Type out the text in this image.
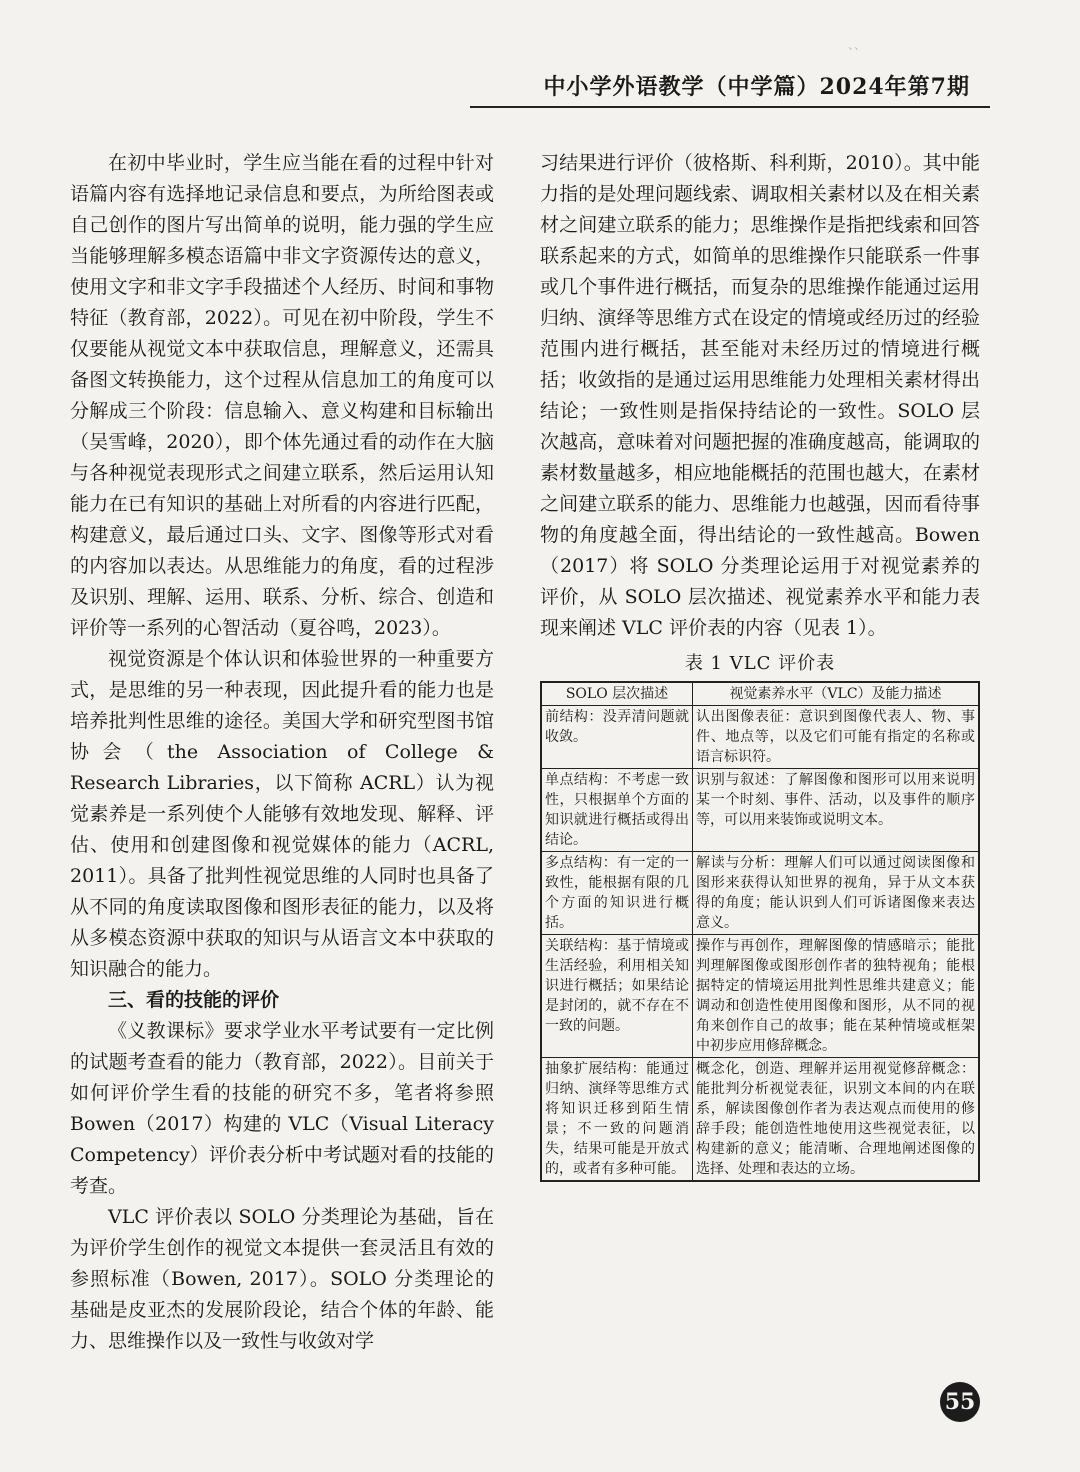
、、
中小学外语教学（中学篇）2024年第7期

在初中毕业时，学生应当能在看的过程中针对语篇内容有选择地记录信息和要点，为所给图表或自己创作的图片写出简单的说明，能力强的学生应当能够理解多模态语篇中非文字资源传达的意义，使用文字和非文字手段描述个人经历、时间和事物特征（教育部，2022）。可见在初中阶段，学生不仅要能从视觉文本中获取信息，理解意义，还需具备图文转换能力，这个过程从信息加工的角度可以分解成三个阶段：信息输入、意义构建和目标输出（吴雪峰，2020），即个体先通过看的动作在大脑与各种视觉表现形式之间建立联系，然后运用认知能力在已有知识的基础上对所看的内容进行匹配，构建意义，最后通过口头、文字、图像等形式对看的内容加以表达。从思维能力的角度，看的过程涉及识别、理解、运用、联系、分析、综合、创造和评价等一系列的心智活动（夏谷鸣，2023）。

视觉资源是个体认识和体验世界的一种重要方式，是思维的另一种表现，因此提升看的能力也是培养批判性思维的途径。美国大学和研究型图书馆协会（the Association of College & Research Libraries，以下简称 ACRL）认为视觉素养是一系列使个人能够有效地发现、解释、评估、使用和创建图像和视觉媒体的能力（ACRL, 2011）。具备了批判性视觉思维的人同时也具备了从不同的角度读取图像和图形表征的能力，以及将从多模态资源中获取的知识与从语言文本中获取的知识融合的能力。

三、看的技能的评价

《义教课标》要求学业水平考试要有一定比例的试题考查看的能力（教育部，2022）。目前关于如何评价学生看的技能的研究不多，笔者将参照 Bowen（2017）构建的 VLC（Visual Literacy Competency）评价表分析中考试题对看的技能的考查。

VLC 评价表以 SOLO 分类理论为基础，旨在为评价学生创作的视觉文本提供一套灵活且有效的参照标准（Bowen, 2017）。SOLO 分类理论的基础是皮亚杰的发展阶段论，结合个体的年龄、能力、思维操作以及一致性与收敛对学

习结果进行评价（彼格斯、科利斯，2010）。其中能力指的是处理问题线索、调取相关素材以及在相关素材之间建立联系的能力；思维操作是指把线索和回答联系起来的方式，如简单的思维操作只能联系一件事或几个事件进行概括，而复杂的思维操作能通过运用归纳、演绎等思维方式在设定的情境或经历过的经验范围内进行概括，甚至能对未经历过的情境进行概括；收敛指的是通过运用思维能力处理相关素材得出结论；一致性则是指保持结论的一致性。SOLO 层次越高，意味着对问题把握的准确度越高，能调取的素材数量越多，相应地能概括的范围也越大，在素材之间建立联系的能力、思维能力也越强，因而看待事物的角度越全面，得出结论的一致性越高。Bowen（2017）将 SOLO 分类理论运用于对视觉素养的评价，从 SOLO 层次描述、视觉素养水平和能力表现来阐述 VLC 评价表的内容（见表 1）。

表 1 VLC 评价表
SOLO 层次描述	视觉素养水平（VLC）及能力描述
前结构：没弄清问题就收敛。	认出图像表征：意识到图像代表人、物、事件、地点等，以及它们可能有指定的名称或语言标识符。
单点结构：不考虑一致性，只根据单个方面的知识就进行概括或得出结论。	识别与叙述：了解图像和图形可以用来说明某一个时刻、事件、活动，以及事件的顺序等，可以用来装饰或说明文本。
多点结构：有一定的一致性，能根据有限的几个方面的知识进行概括。	解读与分析：理解人们可以通过阅读图像和图形来获得认知世界的视角，异于从文本获得的角度；能认识到人们可诉诸图像来表达意义。
关联结构：基于情境或生活经验，利用相关知识进行概括；如果结论是封闭的，就不存在不一致的问题。	操作与再创作，理解图像的情感暗示；能批判理解图像或图形创作者的独特视角；能根据特定的情境运用批判性思维共建意义；能调动和创造性使用图像和图形，从不同的视角来创作自己的故事；能在某种情境或框架中初步应用修辞概念。
抽象扩展结构：能通过归纳、演绎等思维方式将知识迁移到陌生情景；不一致的问题消失，结果可能是开放式的，或者有多种可能。	概念化，创造、理解并运用视觉修辞概念：能批判分析视觉表征，识别文本间的内在联系，解读图像创作者为表达观点而使用的修辞手段；能创造性地使用这些视觉表征，以构建新的意义；能清晰、合理地阐述图像的选择、处理和表达的立场。
55
